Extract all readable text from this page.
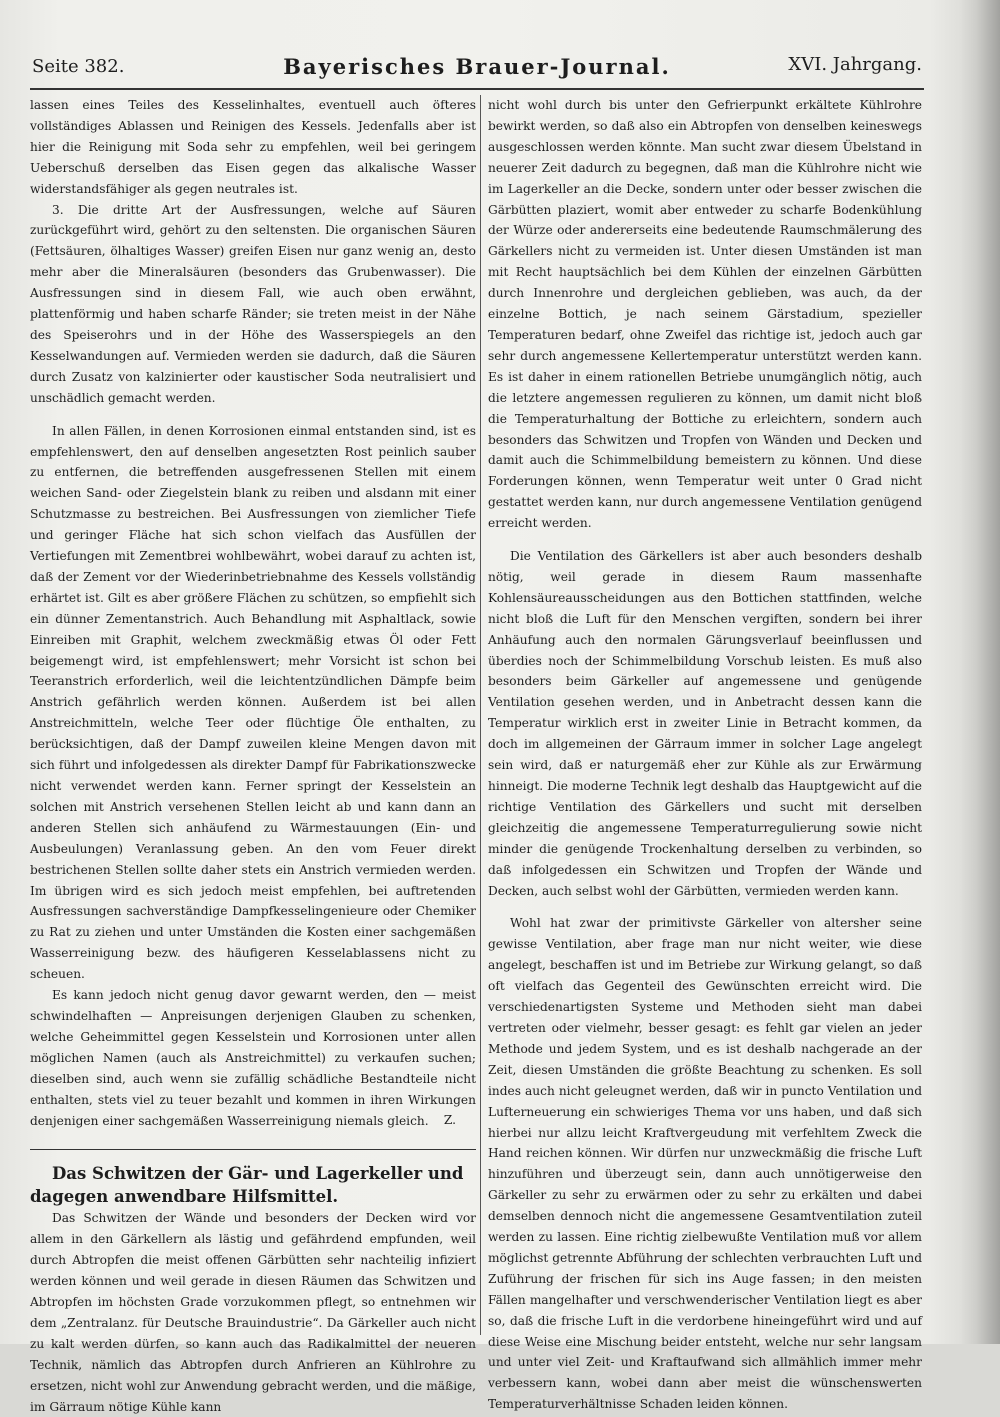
Seite 382.	Bayerisches Brauer-Journal.	XVI. Jahrgang.

lassen eines Teiles des Kesselinhaltes, eventuell auch öfteres vollständiges Ablassen und Reinigen des Kessels. Jedenfalls aber ist hier die Reinigung mit Soda sehr zu empfehlen, weil bei geringem Ueberschuß derselben das Eisen gegen das alkalische Wasser widerstandsfähiger als gegen neutrales ist.

3. Die dritte Art der Ausfressungen, welche auf Säuren zurückgeführt wird, gehört zu den seltensten. Die organischen Säuren (Fettsäuren, ölhaltiges Wasser) greifen Eisen nur ganz wenig an, desto mehr aber die Mineralsäuren (besonders das Grubenwasser). Die Ausfressungen sind in diesem Fall, wie auch oben erwähnt, plattenförmig und haben scharfe Ränder; sie treten meist in der Nähe des Speiserohrs und in der Höhe des Wasserspiegels an den Kesselwandungen auf. Vermieden werden sie dadurch, daß die Säuren durch Zusatz von kalzinierter oder kaustischer Soda neutralisiert und unschädlich gemacht werden.

In allen Fällen, in denen Korrosionen einmal entstanden sind, ist es empfehlenswert, den auf denselben angesetzten Rost peinlich sauber zu entfernen, die betreffenden ausgefressenen Stellen mit einem weichen Sand- oder Ziegelstein blank zu reiben und alsdann mit einer Schutzmasse zu bestreichen. Bei Ausfressungen von ziemlicher Tiefe und geringer Fläche hat sich schon vielfach das Ausfüllen der Vertiefungen mit Zementbrei wohlbewährt, wobei darauf zu achten ist, daß der Zement vor der Wiederinbetriebnahme des Kessels vollständig erhärtet ist. Gilt es aber größere Flächen zu schützen, so empfiehlt sich ein dünner Zementanstrich. Auch Behandlung mit Asphaltlack, sowie Einreiben mit Graphit, welchem zweckmäßig etwas Öl oder Fett beigemengt wird, ist empfehlenswert; mehr Vorsicht ist schon bei Teeranstrich erforderlich, weil die leichtentzündlichen Dämpfe beim Anstrich gefährlich werden können. Außerdem ist bei allen Anstreichmitteln, welche Teer oder flüchtige Öle enthalten, zu berücksichtigen, daß der Dampf zuweilen kleine Mengen davon mit sich führt und infolgedessen als direkter Dampf für Fabrikationszwecke nicht verwendet werden kann. Ferner springt der Kesselstein an solchen mit Anstrich versehenen Stellen leicht ab und kann dann an anderen Stellen sich anhäufend zu Wärmestauungen (Ein- und Ausbeulungen) Veranlassung geben. An den vom Feuer direkt bestrichenen Stellen sollte daher stets ein Anstrich vermieden werden. Im übrigen wird es sich jedoch meist empfehlen, bei auftretenden Ausfressungen sachverständige Dampfkesselingenieure oder Chemiker zu Rat zu ziehen und unter Umständen die Kosten einer sachgemäßen Wasserreinigung bezw. des häufigeren Kesselablassens nicht zu scheuen.

Es kann jedoch nicht genug davor gewarnt werden, den — meist schwindelhaften — Anpreisungen derjenigen Glauben zu schenken, welche Geheimmittel gegen Kesselstein und Korrosionen unter allen möglichen Namen (auch als Anstreichmittel) zu verkaufen suchen; dieselben sind, auch wenn sie zufällig schädliche Bestandteile nicht enthalten, stets viel zu teuer bezahlt und kommen in ihren Wirkungen denjenigen einer sachgemäßen Wasserreinigung niemals gleich.	Z.

Das Schwitzen der Gär- und Lagerkeller und dagegen anwendbare Hilfsmittel.

Das Schwitzen der Wände und besonders der Decken wird vor allem in den Gärkellern als lästig und gefährdend empfunden, weil durch Abtropfen die meist offenen Gärbütten sehr nachteilig infiziert werden können und weil gerade in diesen Räumen das Schwitzen und Abtropfen im höchsten Grade vorzukommen pflegt, so entnehmen wir dem „Zentralanz. für Deutsche Brauindustrie“. Da Gärkeller auch nicht zu kalt werden dürfen, so kann auch das Radikalmittel der neueren Technik, nämlich das Abtropfen durch Anfrieren an Kühlrohre zu ersetzen, nicht wohl zur Anwendung gebracht werden, und die mäßige, im Gärraum nötige Kühle kann

nicht wohl durch bis unter den Gefrierpunkt erkältete Kühlrohre bewirkt werden, so daß also ein Abtropfen von denselben keineswegs ausgeschlossen werden könnte. Man sucht zwar diesem Übelstand in neuerer Zeit dadurch zu begegnen, daß man die Kühlrohre nicht wie im Lagerkeller an die Decke, sondern unter oder besser zwischen die Gärbütten plaziert, womit aber entweder zu scharfe Bodenkühlung der Würze oder andererseits eine bedeutende Raumschmälerung des Gärkellers nicht zu vermeiden ist. Unter diesen Umständen ist man mit Recht hauptsächlich bei dem Kühlen der einzelnen Gärbütten durch Innenrohre und dergleichen geblieben, was auch, da der einzelne Bottich, je nach seinem Gärstadium, spezieller Temperaturen bedarf, ohne Zweifel das richtige ist, jedoch auch gar sehr durch angemessene Kellertemperatur unterstützt werden kann. Es ist daher in einem rationellen Betriebe unumgänglich nötig, auch die letztere angemessen regulieren zu können, um damit nicht bloß die Temperaturhaltung der Bottiche zu erleichtern, sondern auch besonders das Schwitzen und Tropfen von Wänden und Decken und damit auch die Schimmelbildung bemeistern zu können. Und diese Forderungen können, wenn Temperatur weit unter 0 Grad nicht gestattet werden kann, nur durch angemessene Ventilation genügend erreicht werden.

Die Ventilation des Gärkellers ist aber auch besonders deshalb nötig, weil gerade in diesem Raum massenhafte Kohlensäureausscheidungen aus den Bottichen stattfinden, welche nicht bloß die Luft für den Menschen vergiften, sondern bei ihrer Anhäufung auch den normalen Gärungsverlauf beeinflussen und überdies noch der Schimmelbildung Vorschub leisten. Es muß also besonders beim Gärkeller auf angemessene und genügende Ventilation gesehen werden, und in Anbetracht dessen kann die Temperatur wirklich erst in zweiter Linie in Betracht kommen, da doch im allgemeinen der Gärraum immer in solcher Lage angelegt sein wird, daß er naturgemäß eher zur Kühle als zur Erwärmung hinneigt. Die moderne Technik legt deshalb das Hauptgewicht auf die richtige Ventilation des Gärkellers und sucht mit derselben gleichzeitig die angemessene Temperaturregulierung sowie nicht minder die genügende Trockenhaltung derselben zu verbinden, so daß infolgedessen ein Schwitzen und Tropfen der Wände und Decken, auch selbst wohl der Gärbütten, vermieden werden kann.

Wohl hat zwar der primitivste Gärkeller von altersher seine gewisse Ventilation, aber frage man nur nicht weiter, wie diese angelegt, beschaffen ist und im Betriebe zur Wirkung gelangt, so daß oft vielfach das Gegenteil des Gewünschten erreicht wird. Die verschiedenartigsten Systeme und Methoden sieht man dabei vertreten oder vielmehr, besser gesagt: es fehlt gar vielen an jeder Methode und jedem System, und es ist deshalb nachgerade an der Zeit, diesen Umständen die größte Beachtung zu schenken. Es soll indes auch nicht geleugnet werden, daß wir in puncto Ventilation und Lufterneuerung ein schwieriges Thema vor uns haben, und daß sich hierbei nur allzu leicht Kraftvergeudung mit verfehltem Zweck die Hand reichen können. Wir dürfen nur unzweckmäßig die frische Luft hinzuführen und überzeugt sein, dann auch unnötigerweise den Gärkeller zu sehr zu erwärmen oder zu sehr zu erkälten und dabei demselben dennoch nicht die angemessene Gesamtventilation zuteil werden zu lassen. Eine richtig zielbewußte Ventilation muß vor allem möglichst getrennte Abführung der schlechten verbrauchten Luft und Zuführung der frischen für sich ins Auge fassen; in den meisten Fällen mangelhafter und verschwenderischer Ventilation liegt es aber so, daß die frische Luft in die verdorbene hineingeführt wird und auf diese Weise eine Mischung beider entsteht, welche nur sehr langsam und unter viel Zeit- und Kraftaufwand sich allmählich immer mehr verbessern kann, wobei dann aber meist die wünschenswerten Temperaturverhältnisse Schaden leiden können.
